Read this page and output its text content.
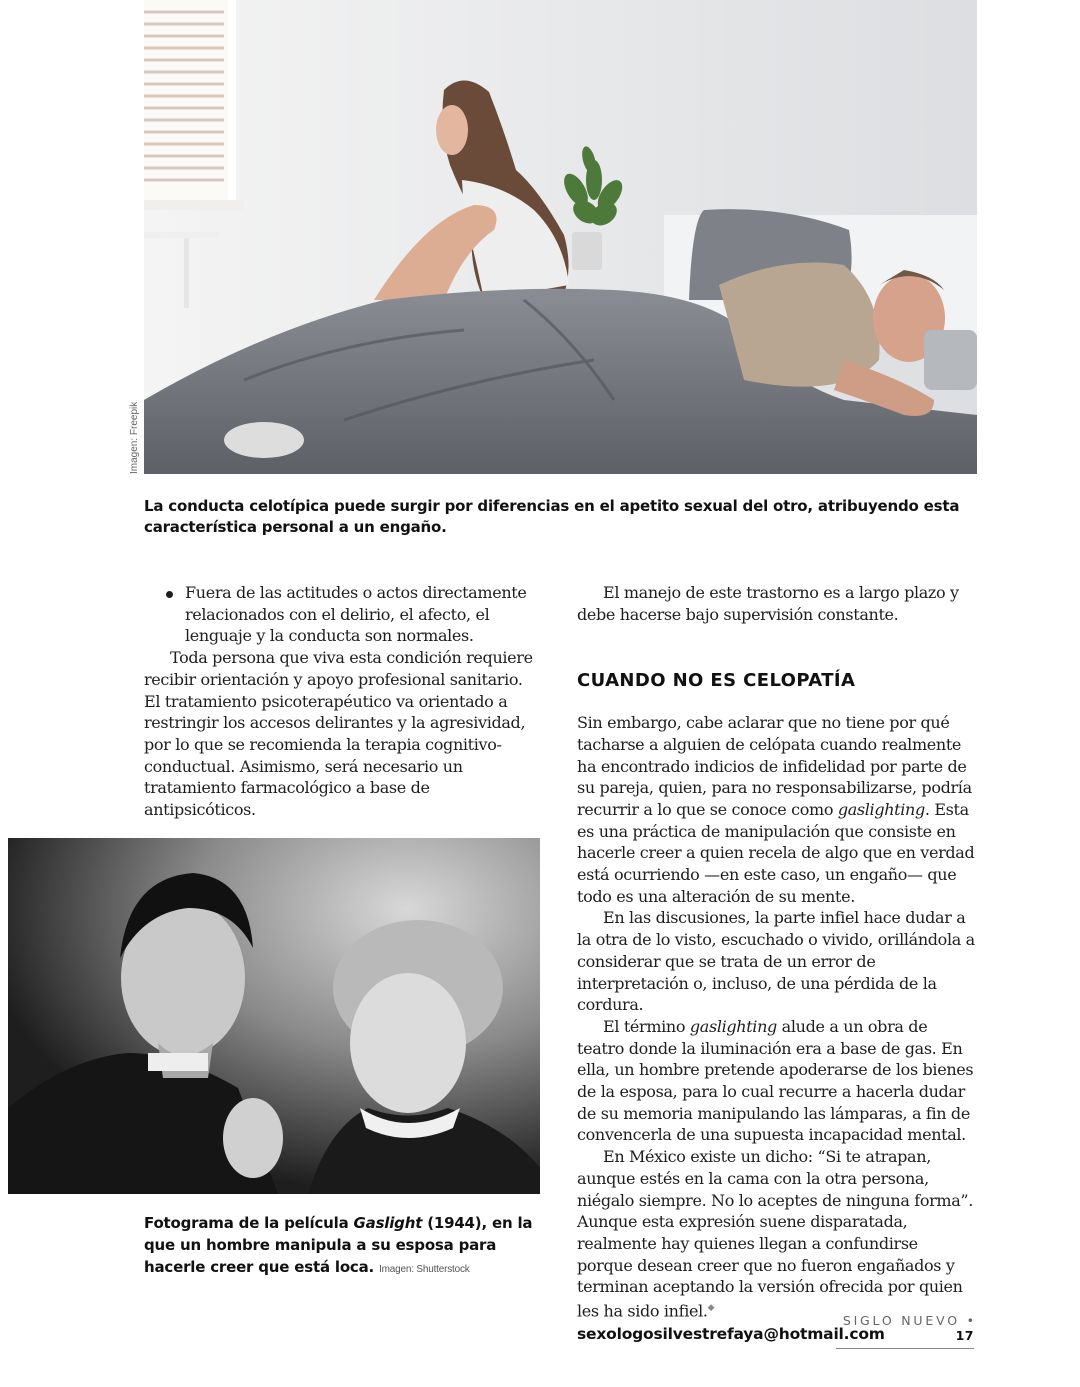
Imagen: Freepik
La conducta celotípica puede surgir por diferencias en el apetito sexual del otro, atribuyendo esta característica personal a un engaño.

Fuera de las actitudes o actos directamente relacionados con el delirio, el afecto, el lenguaje y la conducta son normales.

Toda persona que viva esta condición requiere recibir orientación y apoyo profesional sanitario. El tratamiento psicoterapéutico va orientado a restringir los accesos delirantes y la agresividad, por lo que se recomienda la terapia cognitivo-conductual. Asimismo, será necesario un tratamiento farmacológico a base de antipsicóticos.

Fotograma de la película Gaslight (1944), en la que un hombre manipula a su esposa para hacerle creer que está loca. Imagen: Shutterstock

El manejo de este trastorno es a largo plazo y debe hacerse bajo supervisión constante.

CUANDO NO ES CELOPATÍA

Sin embargo, cabe aclarar que no tiene por qué tacharse a alguien de celópata cuando realmente ha encontrado indicios de infidelidad por parte de su pareja, quien, para no responsabilizarse, podría recurrir a lo que se conoce como gaslighting. Esta es una práctica de manipulación que consiste en hacerle creer a quien recela de algo que en verdad está ocurriendo —en este caso, un engaño— que todo es una alteración de su mente.

En las discusiones, la parte infiel hace dudar a la otra de lo visto, escuchado o vivido, orillándola a considerar que se trata de un error de interpretación o, incluso, de una pérdida de la cordura.

El término gaslighting alude a un obra de teatro donde la iluminación era a base de gas. En ella, un hombre pretende apoderarse de los bienes de la esposa, para lo cual recurre a hacerla dudar de su memoria manipulando las lámparas, a fin de convencerla de una supuesta incapacidad mental.

En México existe un dicho: “Si te atrapan, aunque estés en la cama con la otra persona, niégalo siempre. No lo aceptes de ninguna forma”. Aunque esta expresión suene disparatada, realmente hay quienes llegan a confundirse porque desean creer que no fueron engañados y terminan aceptando la versión ofrecida por quien les ha sido infiel.◆

sexologosilvestrefaya@hotmail.com
SIGLO NUEVO • 17
